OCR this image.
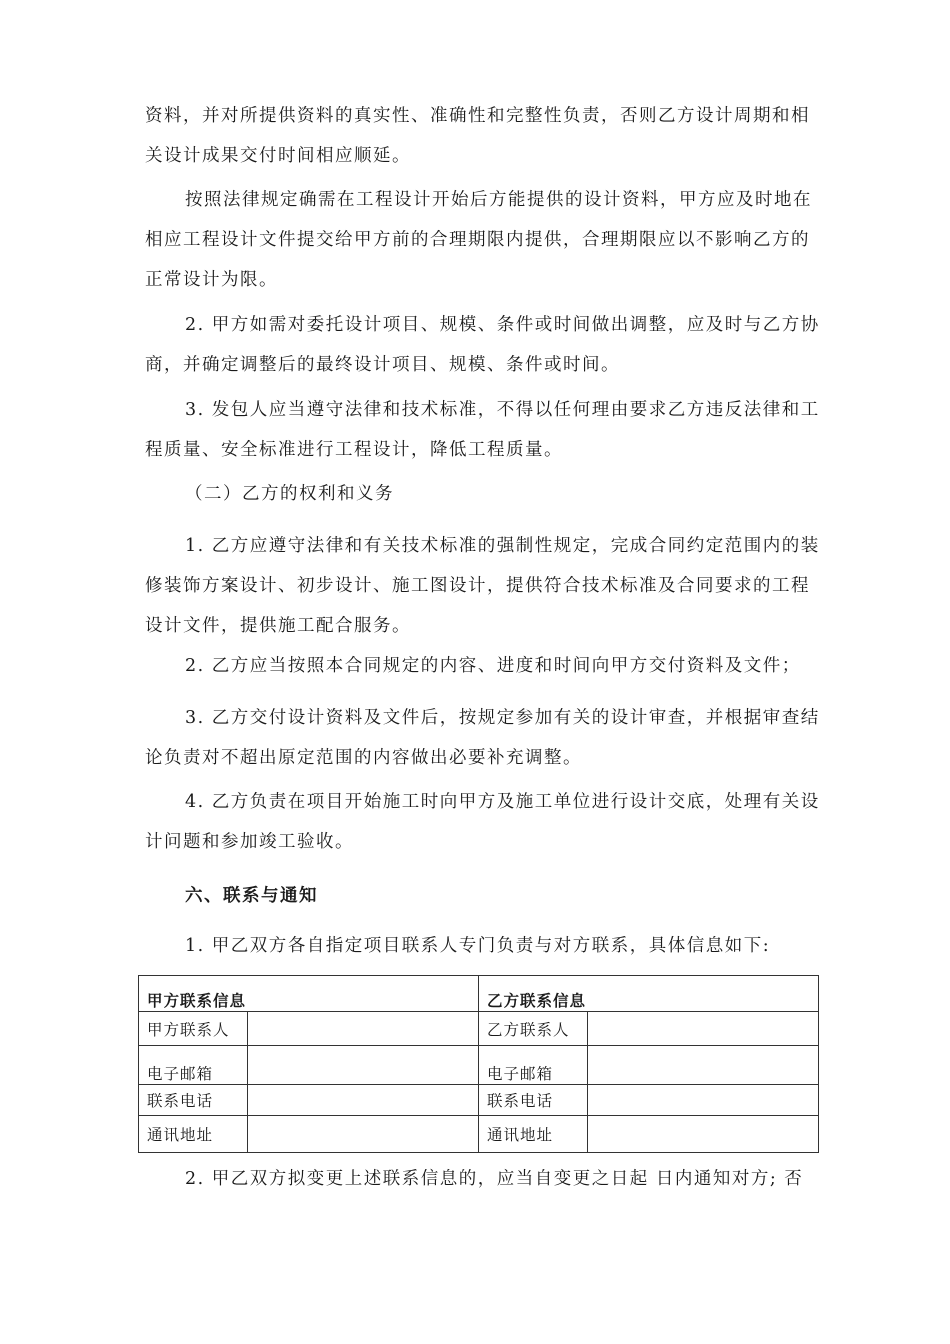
资料，并对所提供资料的真实性、准确性和完整性负责，否则乙方设计周期和相关设计成果交付时间相应顺延。

按照法律规定确需在工程设计开始后方能提供的设计资料，甲方应及时地在相应工程设计文件提交给甲方前的合理期限内提供，合理期限应以不影响乙方的正常设计为限。

2. 甲方如需对委托设计项目、规模、条件或时间做出调整，应及时与乙方协商，并确定调整后的最终设计项目、规模、条件或时间。

3. 发包人应当遵守法律和技术标准，不得以任何理由要求乙方违反法律和工程质量、安全标准进行工程设计，降低工程质量。

（二）乙方的权利和义务

1. 乙方应遵守法律和有关技术标准的强制性规定，完成合同约定范围内的装修装饰方案设计、初步设计、施工图设计，提供符合技术标准及合同要求的工程设计文件，提供施工配合服务。

2. 乙方应当按照本合同规定的内容、进度和时间向甲方交付资料及文件；

3. 乙方交付设计资料及文件后，按规定参加有关的设计审查，并根据审查结论负责对不超出原定范围的内容做出必要补充调整。

4. 乙方负责在项目开始施工时向甲方及施工单位进行设计交底，处理有关设计问题和参加竣工验收。

六、联系与通知

1. 甲乙双方各自指定项目联系人专门负责与对方联系，具体信息如下:

甲方联系信息		乙方联系信息	
甲方联系人		乙方联系人	
电子邮箱		电子邮箱	
联系电话		联系电话	
通讯地址		通讯地址	

2. 甲乙双方拟变更上述联系信息的，应当自变更之日起 日内通知对方; 否
